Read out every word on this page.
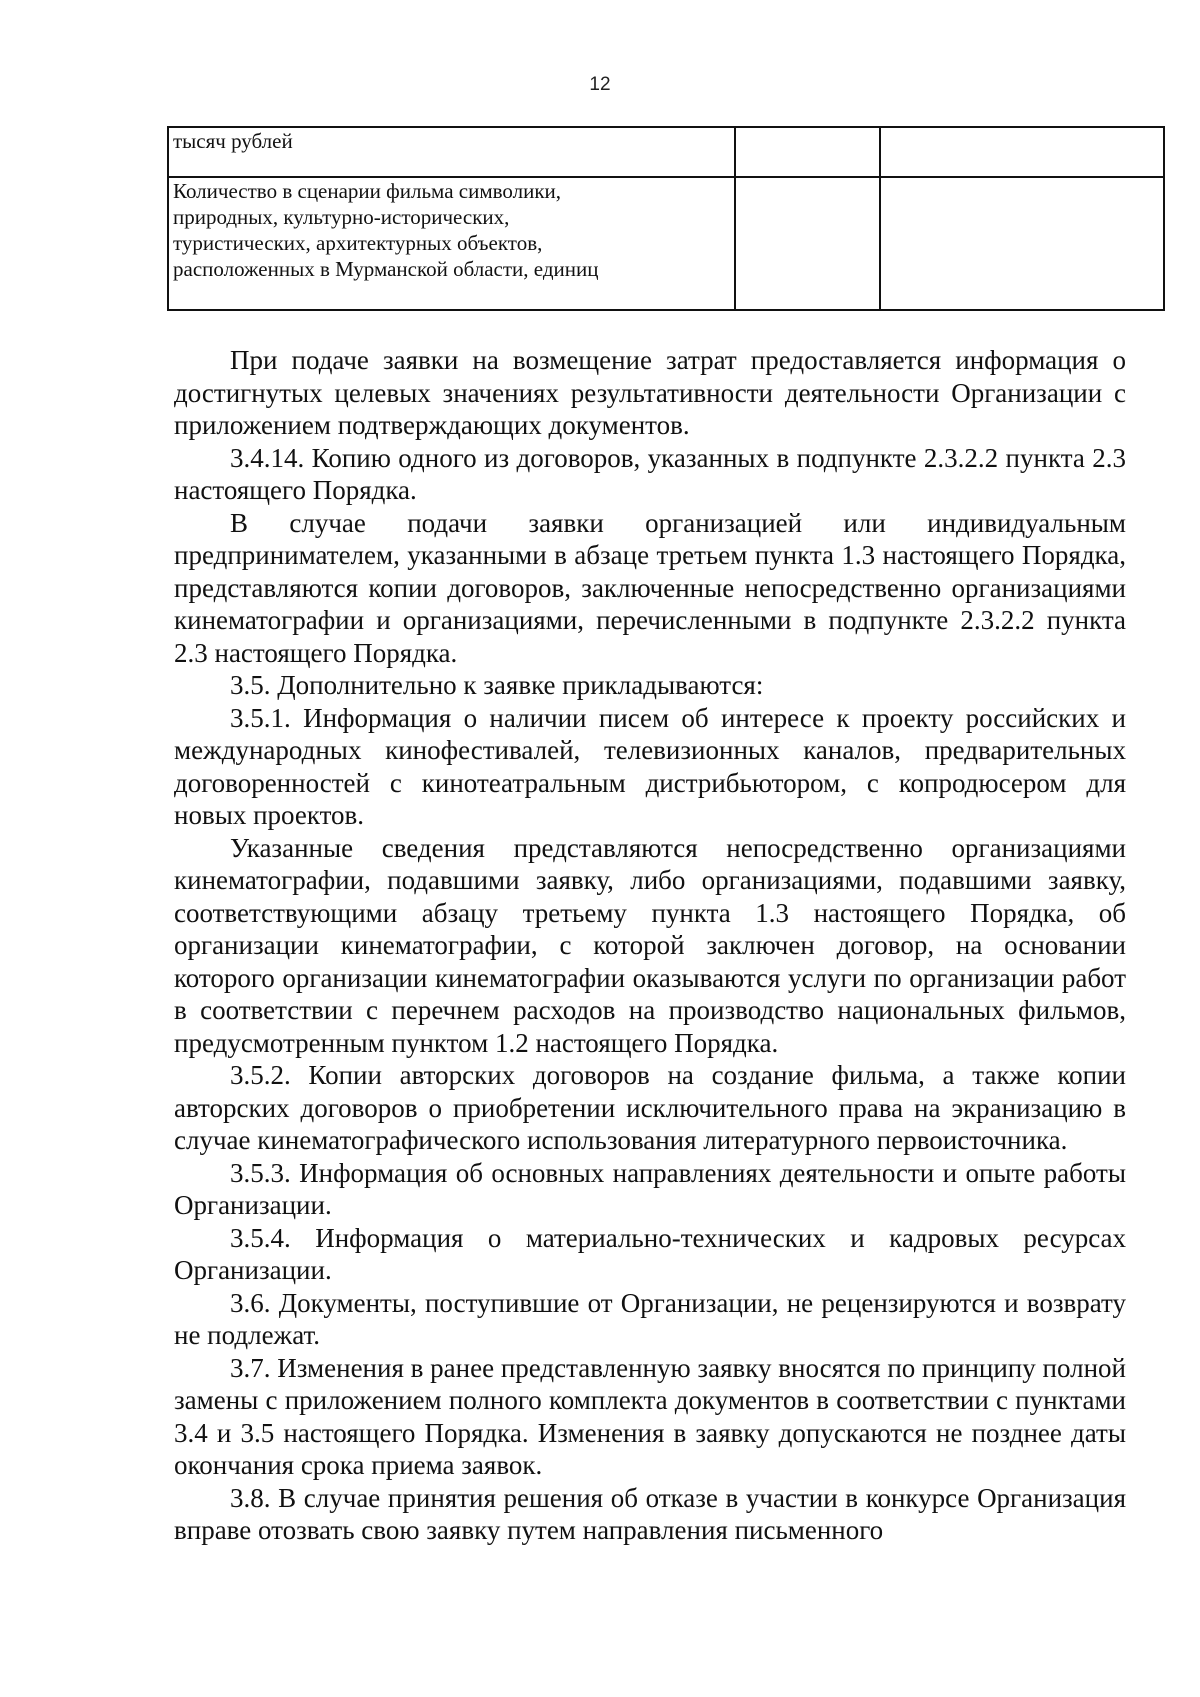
12
тысяч рублей		
Количество в сценарии фильма символики,
природных, культурно-исторических,
туристических, архитектурных объектов,
расположенных в Мурманской области, единиц		

При подаче заявки на возмещение затрат предоставляется информация о достигнутых целевых значениях результативности деятельности Организации с приложением подтверждающих документов.

3.4.14. Копию одного из договоров, указанных в подпункте 2.3.2.2 пункта 2.3 настоящего Порядка.

В случае подачи заявки организацией или индивидуальным предпринимателем, указанными в абзаце третьем пункта 1.3 настоящего Порядка, представляются копии договоров, заключенные непосредственно организациями кинематографии и организациями, перечисленными в подпункте 2.3.2.2 пункта 2.3 настоящего Порядка.

3.5. Дополнительно к заявке прикладываются:

3.5.1. Информация о наличии писем об интересе к проекту российских и международных кинофестивалей, телевизионных каналов, предварительных договоренностей с кинотеатральным дистрибьютором, с копродюсером для новых проектов.

Указанные сведения представляются непосредственно организациями кинематографии, подавшими заявку, либо организациями, подавшими заявку, соответствующими абзацу третьему пункта 1.3 настоящего Порядка, об организации кинематографии, с которой заключен договор, на основании которого организации кинематографии оказываются услуги по организации работ в соответствии с перечнем расходов на производство национальных фильмов, предусмотренным пунктом 1.2 настоящего Порядка.

3.5.2. Копии авторских договоров на создание фильма, а также копии авторских договоров о приобретении исключительного права на экранизацию в случае кинематографического использования литературного первоисточника.

3.5.3. Информация об основных направлениях деятельности и опыте работы Организации.

3.5.4. Информация о материально-технических и кадровых ресурсах Организации.

3.6. Документы, поступившие от Организации, не рецензируются и возврату не подлежат.

3.7. Изменения в ранее представленную заявку вносятся по принципу полной замены с приложением полного комплекта документов в соответствии с пунктами 3.4 и 3.5 настоящего Порядка. Изменения в заявку допускаются не позднее даты окончания срока приема заявок.

3.8. В случае принятия решения об отказе в участии в конкурсе Организация вправе отозвать свою заявку путем направления письменного
